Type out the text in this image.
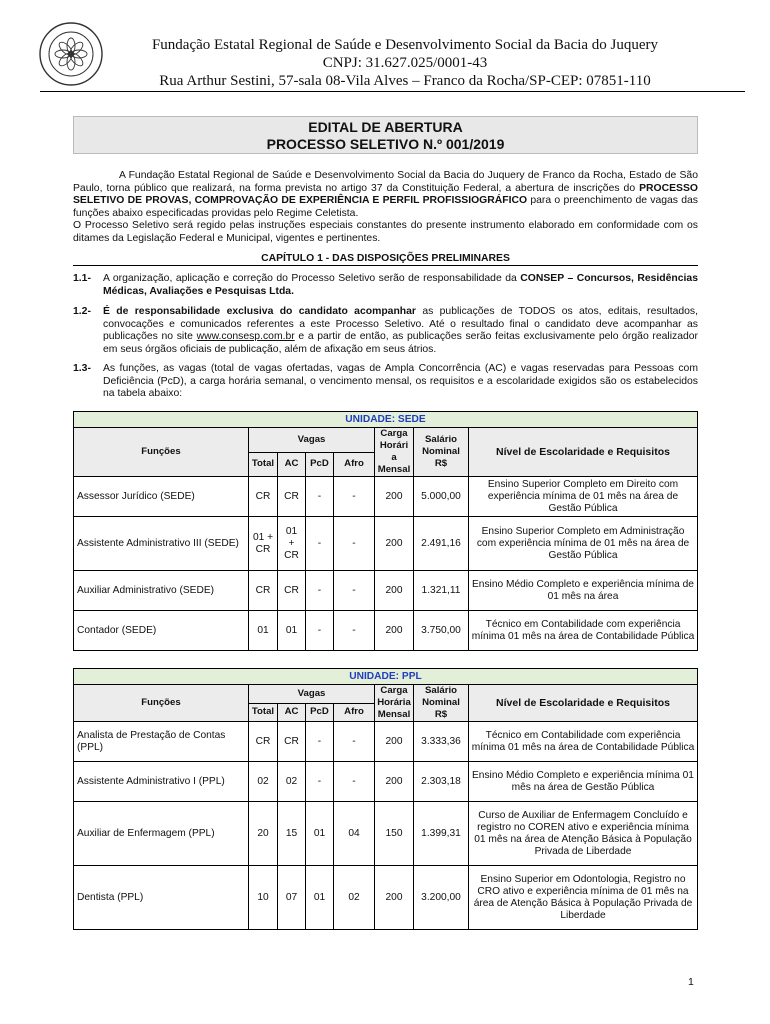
Fundação Estatal Regional de Saúde e Desenvolvimento Social da Bacia do Juquery
CNPJ: 31.627.025/0001-43
Rua Arthur Sestini, 57-sala 08-Vila Alves – Franco da Rocha/SP-CEP: 07851-110
EDITAL DE ABERTURA
PROCESSO SELETIVO N.º 001/2019
A Fundação Estatal Regional de Saúde e Desenvolvimento Social da Bacia do Juquery de Franco da Rocha, Estado de São Paulo, torna público que realizará, na forma prevista no artigo 37 da Constituição Federal, a abertura de inscrições do PROCESSO SELETIVO DE PROVAS, COMPROVAÇÃO DE EXPERIÊNCIA E PERFIL PROFISSIOGRÁFICO para o preenchimento de vagas das funções abaixo especificadas providas pelo Regime Celetista.
O Processo Seletivo será regido pelas instruções especiais constantes do presente instrumento elaborado em conformidade com os ditames da Legislação Federal e Municipal, vigentes e pertinentes.
CAPÍTULO 1 - DAS DISPOSIÇÕES PRELIMINARES
1.1- A organização, aplicação e correção do Processo Seletivo serão de responsabilidade da CONSEP – Concursos, Residências Médicas, Avaliações e Pesquisas Ltda.
1.2- É de responsabilidade exclusiva do candidato acompanhar as publicações de TODOS os atos, editais, resultados, convocações e comunicados referentes a este Processo Seletivo. Até o resultado final o candidato deve acompanhar as publicações no site www.consesp.com.br e a partir de então, as publicações serão feitas exclusivamente pelo órgão realizador em seus órgãos oficiais de publicação, além de afixação em seus átrios.
1.3- As funções, as vagas (total de vagas ofertadas, vagas de Ampla Concorrência (AC) e vagas reservadas para Pessoas com Deficiência (PcD), a carga horária semanal, o vencimento mensal, os requisitos e a escolaridade exigidos são os estabelecidos na tabela abaixo:
UNIDADE: SEDE							
Funções	Vagas				Carga Horári a Mensal	Salário Nominal R$	Nível de Escolaridade e Requisitos
	Total	AC	PcD	Afro			
Assessor Jurídico (SEDE)	CR	CR	-	-	200	5.000,00	Ensino Superior Completo em Direito com experiência mínima de 01 mês na área de Gestão Pública
Assistente Administrativo III (SEDE)	01 + CR	01 + CR	-	-	200	2.491,16	Ensino Superior Completo em Administração com experiência mínima de 01 mês na área de Gestão Pública
Auxiliar Administrativo (SEDE)	CR	CR	-	-	200	1.321,11	Ensino Médio Completo e experiência mínima de 01 mês na área
Contador (SEDE)	01	01	-	-	200	3.750,00	Técnico em Contabilidade com experiência mínima 01 mês na área de Contabilidade Pública
UNIDADE: PPL							
Funções	Vagas				Carga Horária Mensal	Salário Nominal R$	Nível de Escolaridade e Requisitos
	Total	AC	PcD	Afro			
Analista de Prestação de Contas (PPL)	CR	CR	-	-	200	3.333,36	Técnico em Contabilidade com experiência mínima 01 mês na área de Contabilidade Pública
Assistente Administrativo I (PPL)	02	02	-	-	200	2.303,18	Ensino Médio Completo e experiência mínima 01 mês na área de Gestão Pública
Auxiliar de Enfermagem (PPL)	20	15	01	04	150	1.399,31	Curso de Auxiliar de Enfermagem Concluído e registro no COREN ativo e experiência mínima 01 mês na área de Atenção Básica à População Privada de Liberdade
Dentista (PPL)	10	07	01	02	200	3.200,00	Ensino Superior em Odontologia, Registro no CRO ativo e experiência mínima de 01 mês na área de Atenção Básica à População Privada de Liberdade
1
